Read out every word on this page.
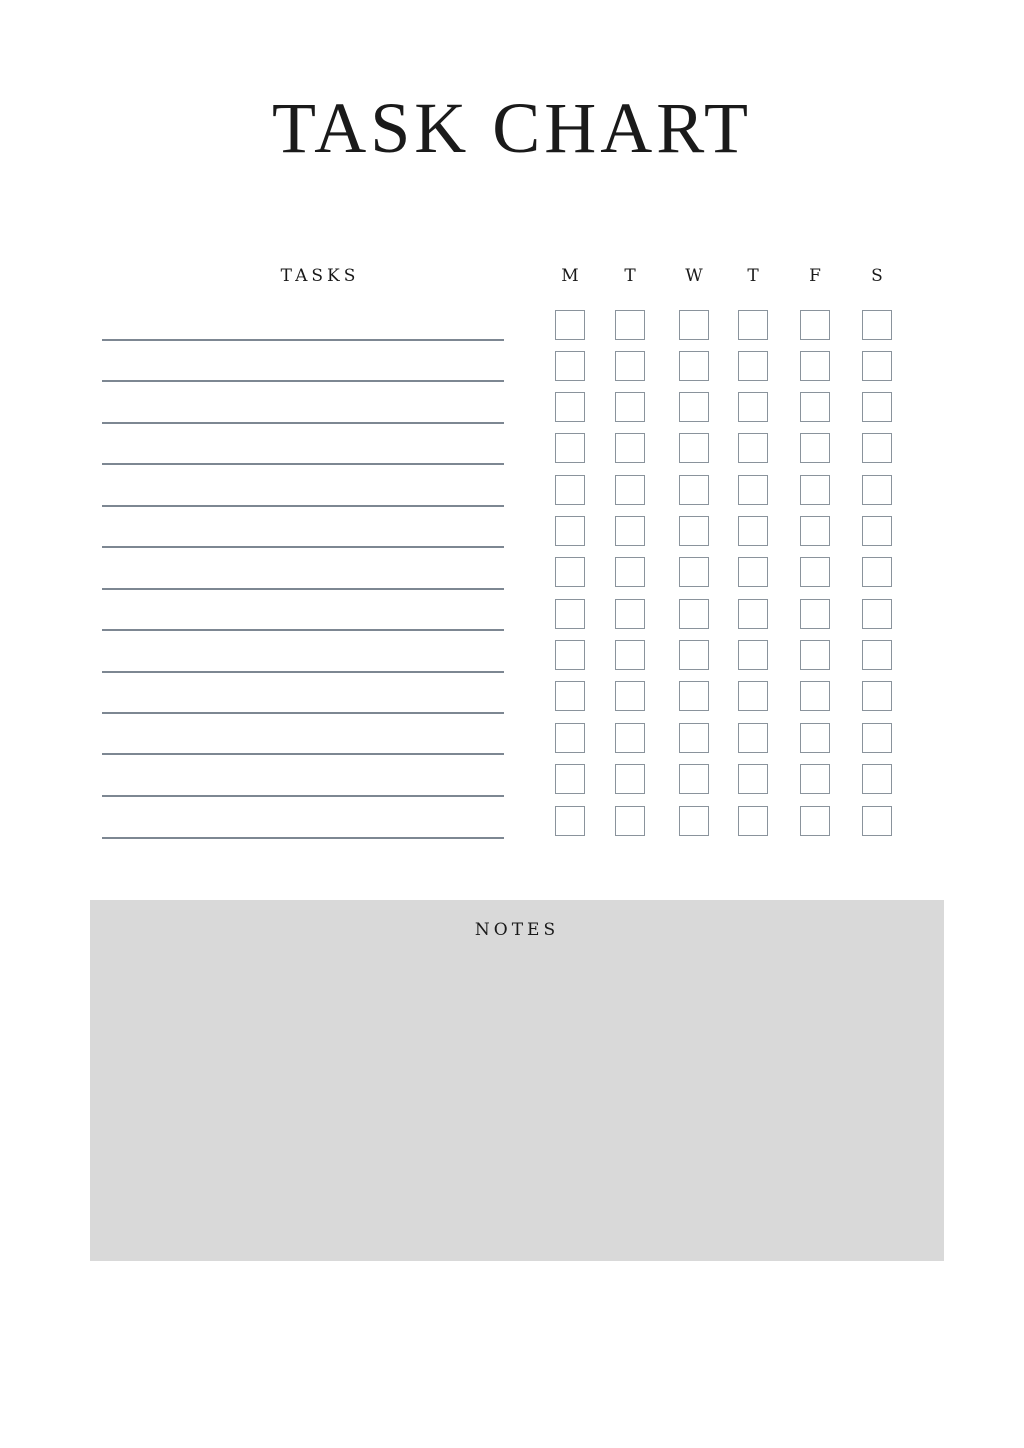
TASK CHART
TASKS	M	T	W	T	F	S
NOTES
